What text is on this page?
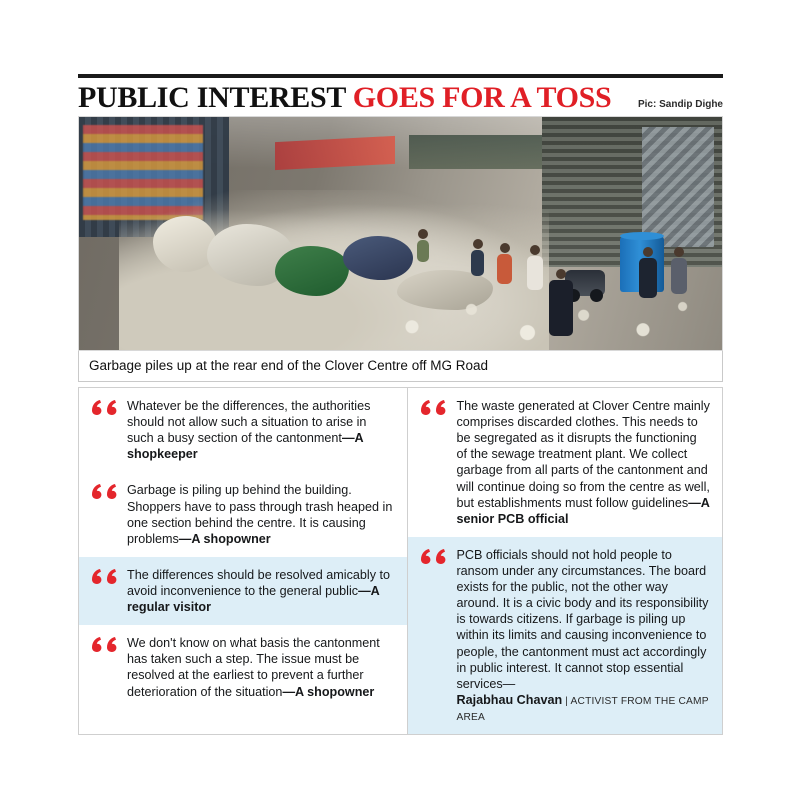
PUBLIC INTEREST GOES FOR A TOSS	Pic: Sandip Dighe
Garbage piles up at the rear end of the Clover Centre off MG Road

Whatever be the differences, the authorities should not allow such a situation to arise in such a busy section of the cantonment—A shopkeeper

Garbage is piling up behind the building. Shoppers have to pass through trash heaped in one section behind the centre. It is causing problems—A shopowner

The differences should be resolved amicably to avoid inconvenience to the general public—A regular visitor

We don't know on what basis the cantonment has taken such a step. The issue must be resolved at the earliest to prevent a further deterioration of the situation—A shopowner

The waste generated at Clover Centre mainly comprises discarded clothes. This needs to be segregated as it disrupts the functioning of the sewage treatment plant. We collect garbage from all parts of the cantonment and will continue doing so from the centre as well, but establishments must follow guidelines—A senior PCB official

PCB officials should not hold people to ransom under any circumstances. The board exists for the public, not the other way around. It is a civic body and its responsibility is towards citizens. If garbage is piling up within its limits and causing inconvenience to people, the cantonment must act accordingly in public interest. It cannot stop essential services—
Rajabhau Chavan | ACTIVIST FROM THE CAMP AREA
